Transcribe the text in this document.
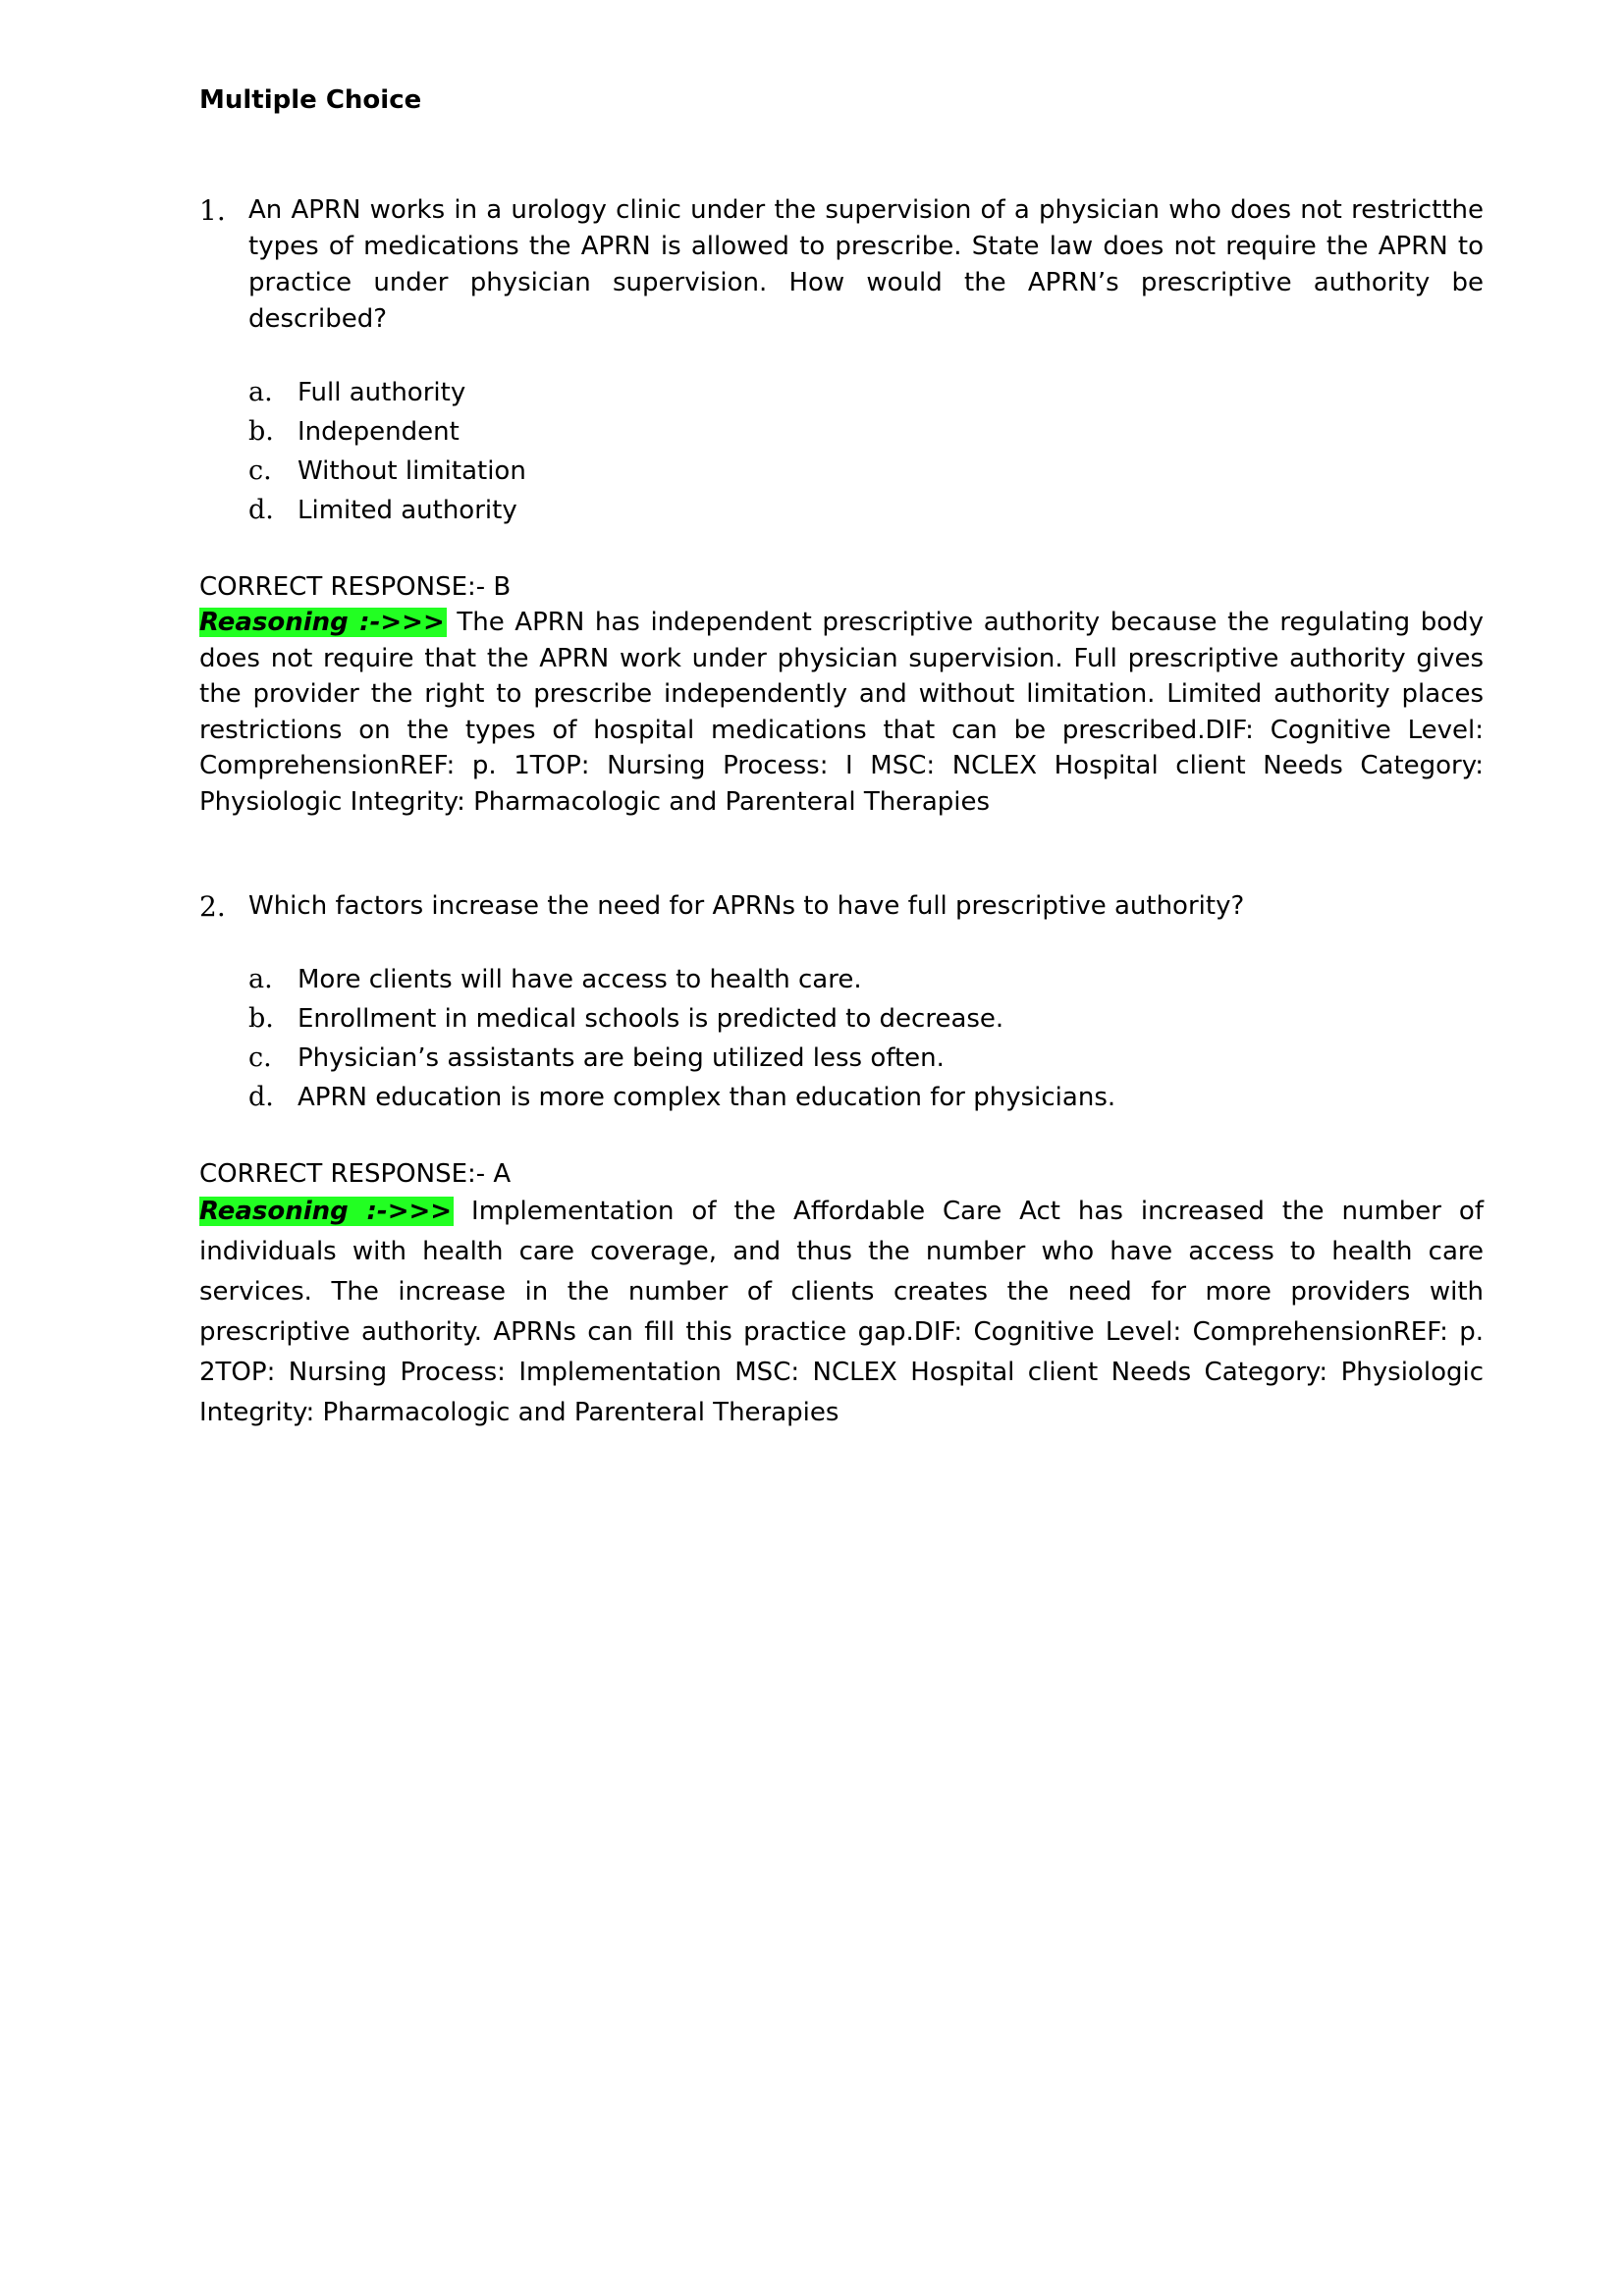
Multiple Choice
1. An APRN works in a urology clinic under the supervision of a physician who does not restrictthe types of medications the APRN is allowed to prescribe. State law does not require the APRN to practice under physician supervision. How would the APRN’s prescriptive authority be described?
a. Full authority
b. Independent
c.	Without limitation
d. Limited authority
CORRECT RESPONSE:- B
Reasoning :->>> The APRN has independent prescriptive authority because the regulating body does not require that the APRN work under physician supervision. Full prescriptive authority gives the provider the right to prescribe independently and without limitation. Limited authority places restrictions on the types of hospital medications that can be prescribed.DIF: Cognitive Level: ComprehensionREF: p. 1TOP: Nursing Process: I MSC: NCLEX Hospital client Needs Category: Physiologic Integrity: Pharmacologic and Parenteral Therapies
2. Which factors increase the need for APRNs to have full prescriptive authority?
a. More clients will have access to health care.
b. Enrollment in medical schools is predicted to decrease.
c.	Physician’s assistants are being utilized less often.
d. APRN education is more complex than education for physicians.
CORRECT RESPONSE:- A
Reasoning :->>> Implementation of the Affordable Care Act has increased the number of individuals with health care coverage, and thus the number who have access to health care services. The increase in the number of clients creates the need for more providers with prescriptive authority. APRNs can fill this practice gap.DIF: Cognitive Level: ComprehensionREF: p. 2TOP: Nursing Process: Implementation MSC: NCLEX Hospital client Needs Category: Physiologic Integrity: Pharmacologic and Parenteral Therapies
